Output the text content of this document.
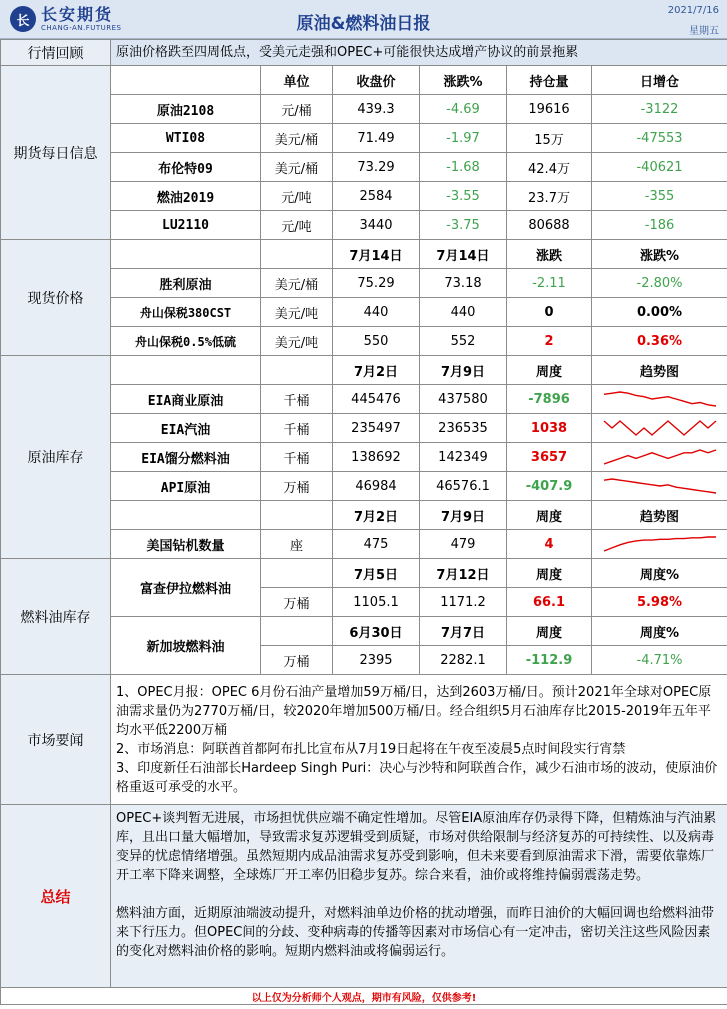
长 长安期货
CHANG-AN.FUTURES	原油&燃料油日报
2021/7/16
星期五
行情回顾	原油价格跌至四周低点，受美元走强和OPEC+可能很快达成增产协议的前景拖累					
期货每日信息		单位	收盘价	涨跌%	持仓量	日增仓
	原油2108	元/桶	439.3	-4.69	19616	-3122
	WTI08	美元/桶	71.49	-1.97	15万	-47553
	布伦特09	美元/桶	73.29	-1.68	42.4万	-40621
	燃油2019	元/吨	2584	-3.55	23.7万	-355
	LU2110	元/吨	3440	-3.75	80688	-186
现货价格			7月14日	7月14日	涨跌	涨跌%
	胜利原油	美元/桶	75.29	73.18	-2.11	-2.80%
	舟山保税380CST	美元/吨	440	440	0	0.00%
	舟山保税0.5%低硫	美元/吨	550	552	2	0.36%
原油库存			7月2日	7月9日	周度	趋势图
	EIA商业原油	千桶	445476	437580	-7896	

	EIA汽油	千桶	235497	236535	1038	

	EIA馏分燃料油	千桶	138692	142349	3657	

	API原油	万桶	46984	46576.1	-407.9	

			7月2日	7月9日	周度	趋势图
	美国钻机数量	座	475	479	4	

燃料油库存	富查伊拉燃料油		7月5日	7月12日	周度	周度%
		万桶	1105.1	1171.2	66.1	5.98%
	新加坡燃料油		6月30日	7月7日	周度	周度%
		万桶	2395	2282.1	-112.9	-4.71%
市场要闻	1、OPEC月报：OPEC 6月份石油产量增加59万桶/日，达到2603万桶/日。预计2021年全球对OPEC原油需求量仍为2770万桶/日，较2020年增加500万桶/日。经合组织5月石油库存比2015-2019年五年平均水平低2200万桶
2、市场消息：阿联酋首都阿布扎比宣布从7月19日起将在午夜至凌晨5点时间段实行宵禁
3、印度新任石油部长Hardeep Singh Puri：决心与沙特和阿联酋合作，减少石油市场的波动，使原油价格重返可承受的水平。					

总结	OPEC+谈判暂无进展，市场担忧供应端不确定性增加。尽管EIA原油库存仍录得下降，但精炼油与汽油累库，且出口量大幅增加，导致需求复苏逻辑受到质疑，市场对供给限制与经济复苏的可持续性、以及病毒变异的忧虑情绪增强。虽然短期内成品油需求复苏受到影响，但未来要看到原油需求下滑，需要依靠炼厂开工率下降来调整，全球炼厂开工率仍旧稳步复苏。综合来看，油价或将维持偏弱震荡走势。
燃料油方面，近期原油端波动提升，对燃料油单边价格的扰动增强，而昨日油价的大幅回调也给燃料油带来下行压力。但OPEC间的分歧、变种病毒的传播等因素对市场信心有一定冲击，密切关注这些风险因素的变化对燃料油价格的影响。短期内燃料油或将偏弱运行。					

以上仅为分析师个人观点，期市有风险，仅供参考!						
